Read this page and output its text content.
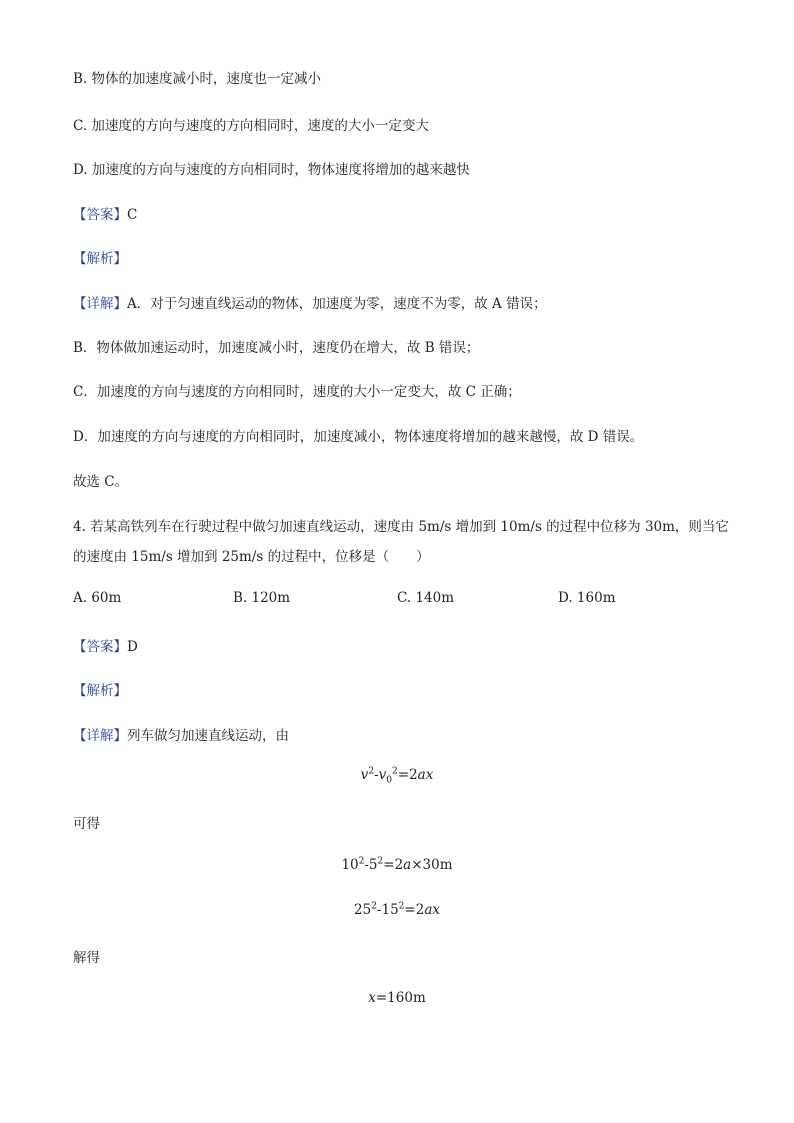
B. 物体的加速度减小时，速度也一定减小
C. 加速度的方向与速度的方向相同时，速度的大小一定变大
D. 加速度的方向与速度的方向相同时，物体速度将增加的越来越快
【答案】C
【解析】
【详解】A．对于匀速直线运动的物体，加速度为零，速度不为零，故 A 错误；
B．物体做加速运动时，加速度减小时，速度仍在增大，故 B 错误；
C．加速度的方向与速度的方向相同时，速度的大小一定变大，故 C 正确；
D．加速度的方向与速度的方向相同时，加速度减小，物体速度将增加的越来越慢，故 D 错误。
故选 C。
4. 若某高铁列车在行驶过程中做匀加速直线运动，速度由 5m/s 增加到 10m/s 的过程中位移为 30m，则当它
的速度由 15m/s 增加到 25m/s 的过程中，位移是（　　）
A. 60m	B. 120m	C. 140m	D. 160m
【答案】D
【解析】
【详解】列车做匀加速直线运动，由
$v^2-v_0^2=2ax$
可得
$10^2-5^2=2a\times 30m$
$25^2-15^2=2ax$
解得
x=160m
